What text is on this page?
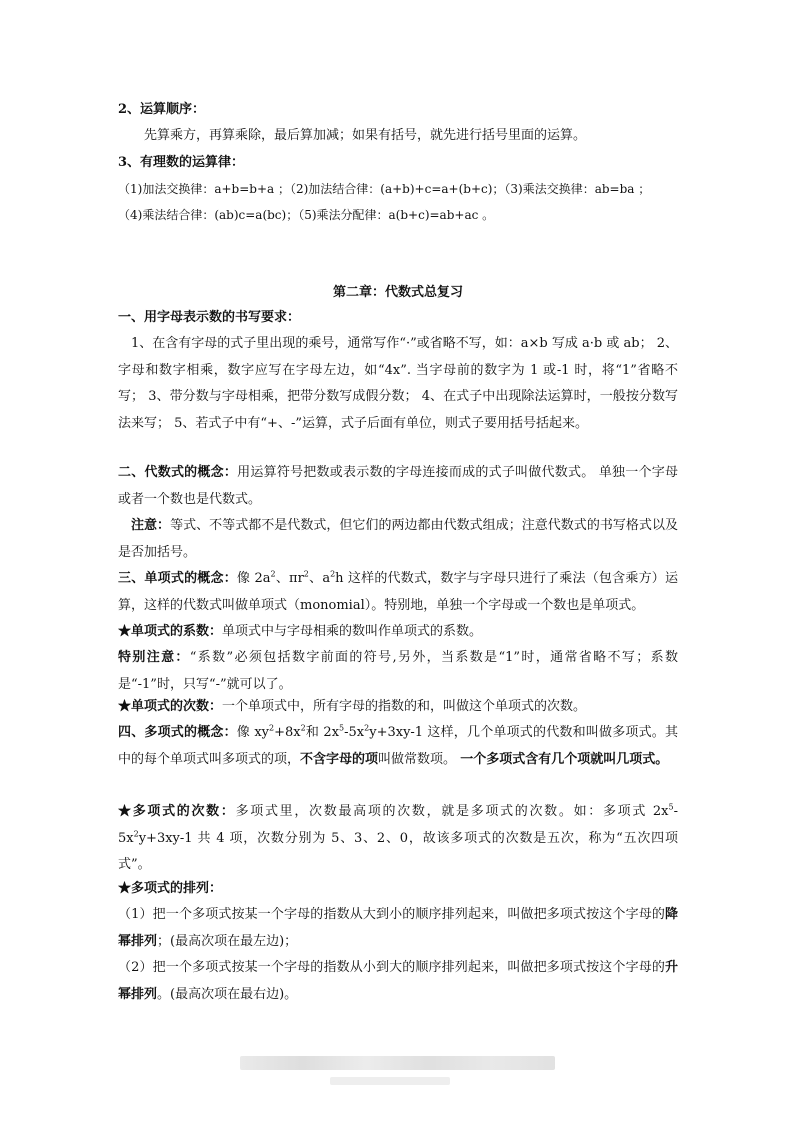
2、运算顺序：

先算乘方，再算乘除，最后算加减；如果有括号，就先进行括号里面的运算。

3、有理数的运算律：

（1)加法交换律：a+b=b+a ；（2)加法结合律：(a+b)+c=a+(b+c)；（3)乘法交换律：ab=ba ；

（4)乘法结合律：(ab)c=a(bc)；（5)乘法分配律：a(b+c)=ab+ac 。

第二章：代数式总复习

一、用字母表示数的书写要求：

1、在含有字母的式子里出现的乘号，通常写作“·”或省略不写，如：a×b 写成 a·b 或 ab； 2、字母和数字相乘，数字应写在字母左边，如“4x”. 当字母前的数字为 1 或-1 时，将“1”省略不写； 3、带分数与字母相乘，把带分数写成假分数； 4、在式子中出现除法运算时，一般按分数写法来写； 5、若式子中有“+、-”运算，式子后面有单位，则式子要用括号括起来。

二、代数式的概念：用运算符号把数或表示数的字母连接而成的式子叫做代数式。 单独一个字母或者一个数也是代数式。

注意：等式、不等式都不是代数式，但它们的两边都由代数式组成；注意代数式的书写格式以及是否加括号。

三、单项式的概念：像 $2a^2$、$\pi r^2$、$a^2h$ 这样的代数式，数字与字母只进行了乘法（包含乘方）运算，这样的代数式叫做单项式（monomial）。特别地，单独一个字母或一个数也是单项式。

★单项式的系数：单项式中与字母相乘的数叫作单项式的系数。

特别注意：“系数”必须包括数字前面的符号,另外，当系数是“1”时，通常省略不写；系数是“-1”时，只写“-”就可以了。

★单项式的次数：一个单项式中，所有字母的指数的和，叫做这个单项式的次数。

四、多项式的概念：像 $xy^2+8x^2$和 $2x^5-5x^2y+3xy-1$ 这样，几个单项式的代数和叫做多项式。其中的每个单项式叫多项式的项，不含字母的项叫做常数项。 一个多项式含有几个项就叫几项式。

★多项式的次数：多项式里，次数最高项的次数，就是多项式的次数。如：多项式 $2x^5-5x^2y+3xy-1$ 共 4 项，次数分别为 5、3、2、0，故该多项式的次数是五次，称为“五次四项式”。

★多项式的排列：

（1）把一个多项式按某一个字母的指数从大到小的顺序排列起来，叫做把多项式按这个字母的降幂排列；(最高次项在最左边)；

（2）把一个多项式按某一个字母的指数从小到大的顺序排列起来，叫做把多项式按这个字母的升幂排列。(最高次项在最右边)。
